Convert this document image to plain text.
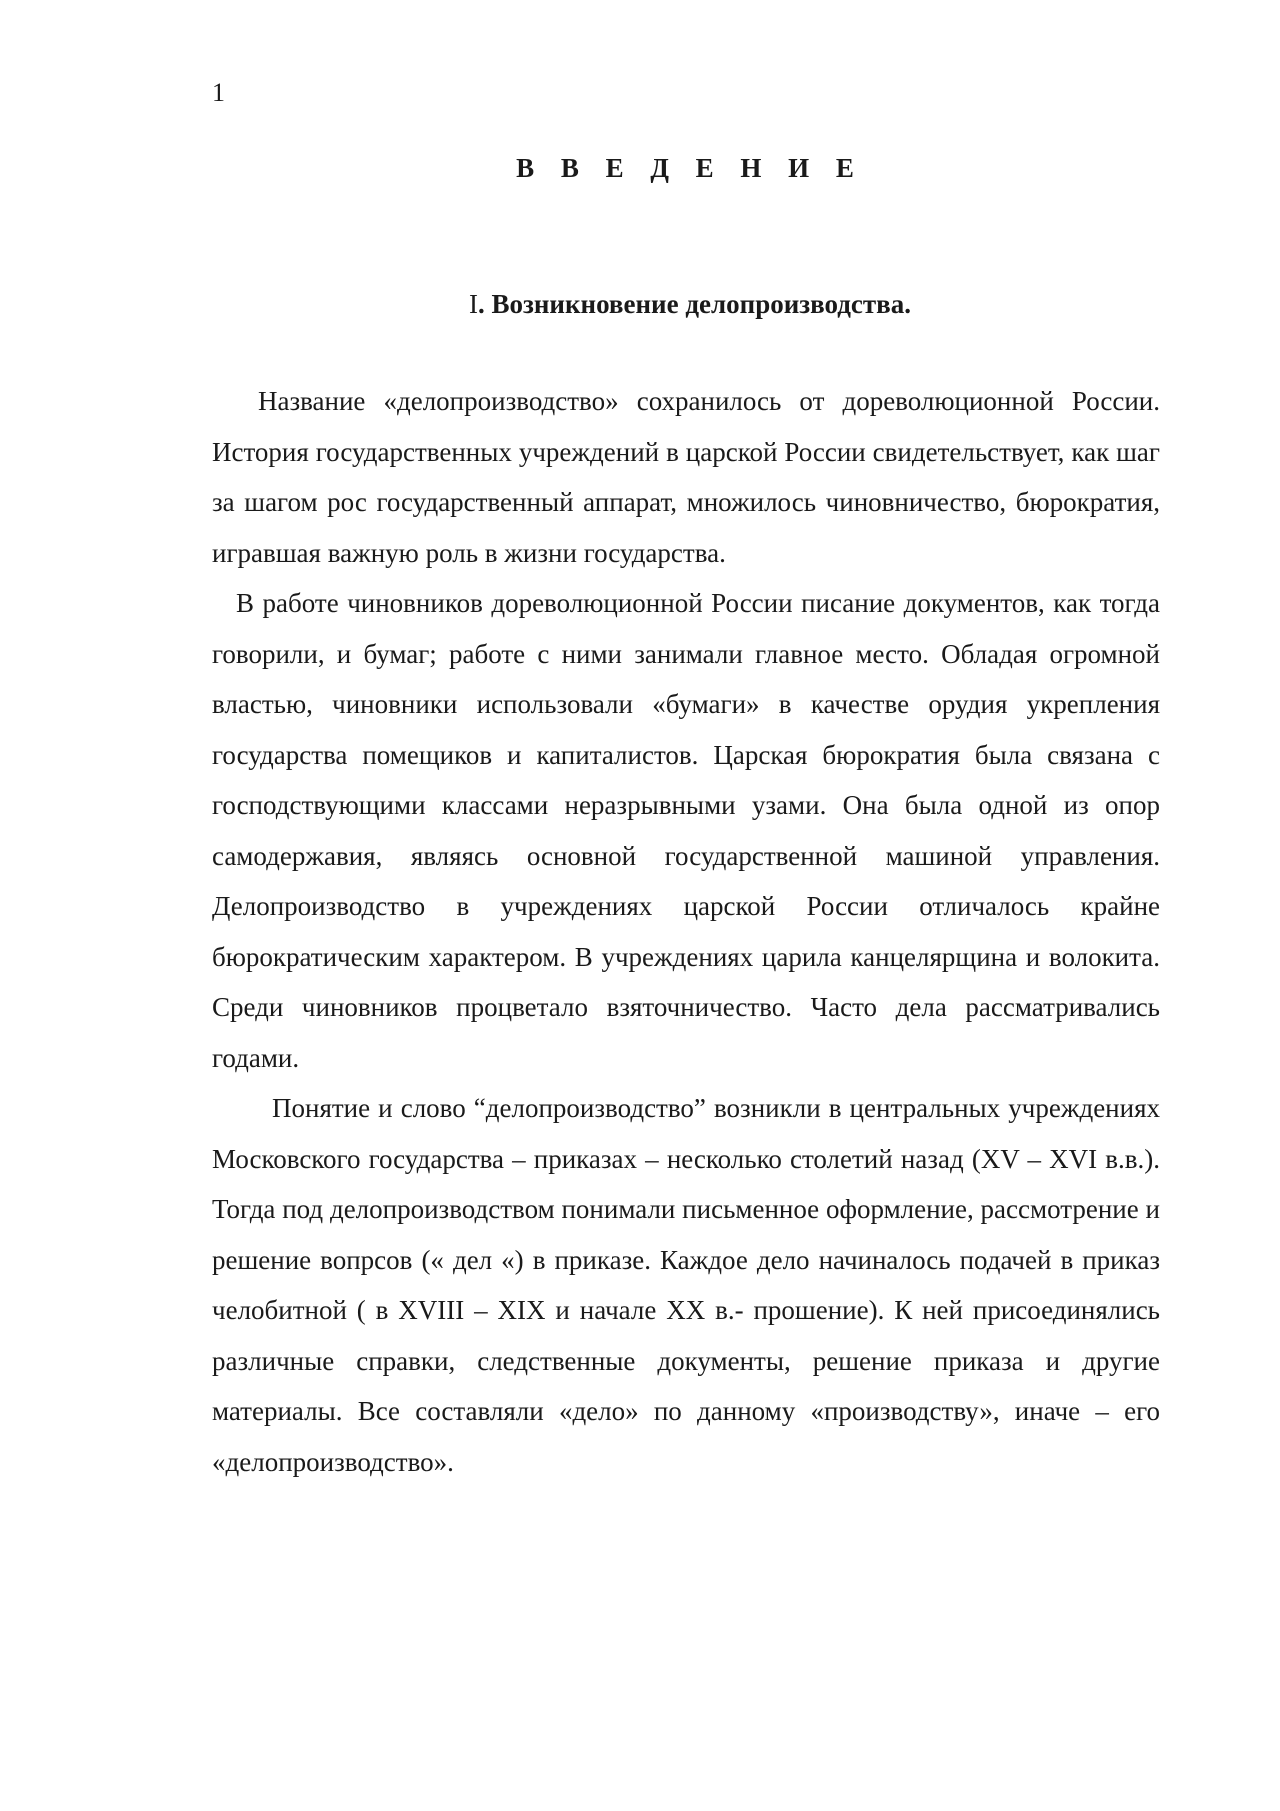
1
В В Е Д Е Н И Е
I. Возникновение делопроизводства.

Название «делопроизводство» сохранилось от дореволюционной России. История государственных учреждений в царской России свидетельствует, как шаг за шагом рос государственный аппарат, множилось чиновничество, бюрократия, игравшая важную роль в жизни государства.

В работе чиновников дореволюционной России писание документов, как тогда говорили, и бумаг; работе с ними занимали главное место. Обладая огромной властью, чиновники использовали «бумаги» в качестве орудия укрепления государства помещиков и капиталистов. Царская бюрократия была связана с господствующими классами неразрывными узами. Она была одной из опор самодержавия, являясь основной государственной машиной управления. Делопроизводство в учреждениях царской России отличалось крайне бюрократическим характером. В учреждениях царила канцелярщина и волокита. Среди чиновников процветало взяточничество. Часто дела рассматривались годами.

Понятие и слово “делопроизводство” возникли в центральных учреждениях Московского государства – приказах – несколько столетий назад (XV – XVI в.в.). Тогда под делопроизводством понимали письменное оформление, рассмотрение и решение вопрсов (« дел «) в приказе. Каждое дело начиналось подачей в приказ челобитной ( в XVIII – XIX и начале XX в.- прошение). К ней присоединялись различные справки, следственные документы, решение приказа и другие материалы. Все составляли «дело» по данному «производству», иначе – его «делопроизводство».
